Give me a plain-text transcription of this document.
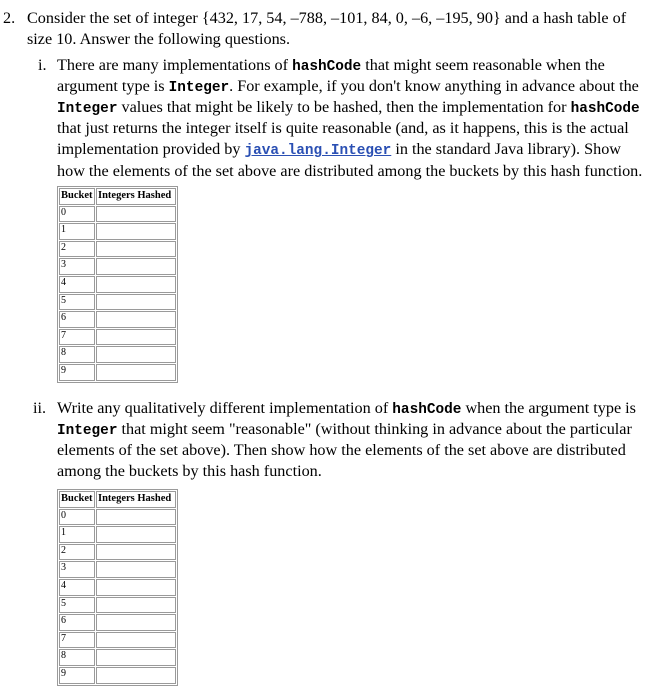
2. Consider the set of integer {432, 17, 54, –788, –101, 84, 0, –6, –195, 90} and a hash table of
size 10. Answer the following questions.
i. There are many implementations of hashCode that might seem reasonable when the
argument type is Integer. For example, if you don't know anything in advance about the
Integer values that might be likely to be hashed, then the implementation for hashCode
that just returns the integer itself is quite reasonable (and, as it happens, this is the actual
implementation provided by java.lang.Integer in the standard Java library). Show
how the elements of the set above are distributed among the buckets by this hash function.
Bucket	Integers Hashed
0	
1	
2	
3	
4	
5	
6	
7	
8	
9	
ii. Write any qualitatively different implementation of hashCode when the argument type is
Integer that might seem "reasonable" (without thinking in advance about the particular
elements of the set above). Then show how the elements of the set above are distributed
among the buckets by this hash function.
Bucket	Integers Hashed
0	
1	
2	
3	
4	
5	
6	
7	
8	
9	
